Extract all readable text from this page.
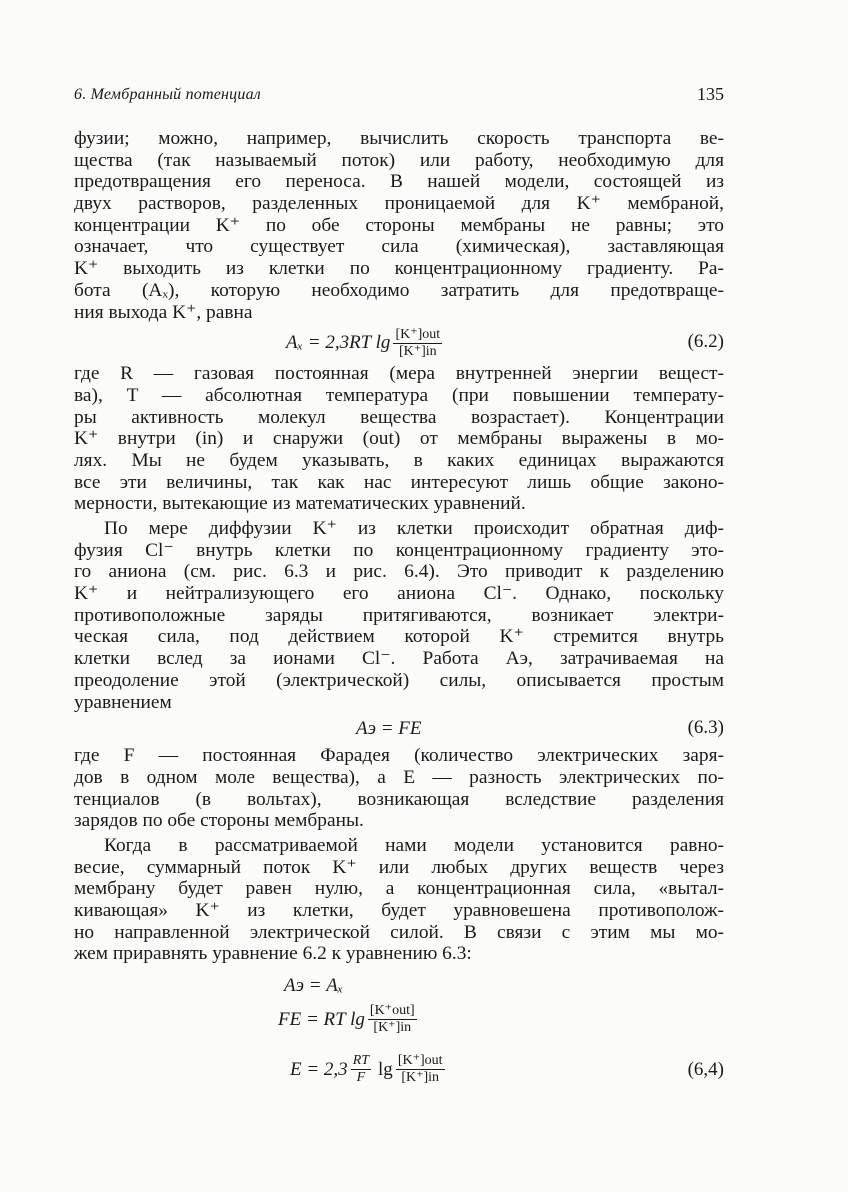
6. Мембранный потенциал	135
фузии; можно, например, вычислить скорость транспорта ве-
щества (так называемый поток) или работу, необходимую для
предотвращения его переноса. В нашей модели, состоящей из
двух растворов, разделенных проницаемой для K⁺ мембраной,
концентрации K⁺ по обе стороны мембраны не равны; это
означает, что существует сила (химическая), заставляющая
K⁺ выходить из клетки по концентрационному градиенту. Ра-
бота (Aₓ), которую необходимо затратить для предотвраще-
ния выхода K⁺, равна
Aₓ = 2,3RT $\lg \frac{\text{[K⁺]out}}{[K^+]in}$	(6.2)
где R — газовая постоянная (мера внутренней энергии вещест-
ва), T — абсолютная температура (при повышении температу-
ры активность молекул вещества возрастает). Концентрации
K⁺ внутри (in) и снаружи (out) от мембраны выражены в мо-
лях. Мы не будем указывать, в каких единицах выражаются
все эти величины, так как нас интересуют лишь общие законо-
мерности, вытекающие из математических уравнений.
По мере диффузии K⁺ из клетки происходит обратная диф-
фузия Cl⁻ внутрь клетки по концентрационному градиенту это-
го аниона (см. рис. 6.3 и рис. 6.4). Это приводит к разделению
K⁺ и нейтрализующего его аниона Cl⁻. Однако, поскольку
противоположные заряды притягиваются, возникает электри-
ческая сила, под действием которой K⁺ стремится внутрь
клетки вслед за ионами Cl⁻. Работа Aэ, затрачиваемая на
преодоление этой (электрической) силы, описывается простым
уравнением
Aэ = FE	(6.3)
где F — постоянная Фарадея (количество электрических заря-
дов в одном моле вещества), а E — разность электрических по-
тенциалов (в вольтах), возникающая вследствие разделения
зарядов по обе стороны мембраны.
Когда в рассматриваемой нами модели установится равно-
весие, суммарный поток K⁺ или любых других веществ через
мембрану будет равен нулю, а концентрационная сила, «вытал-
кивающая» K⁺ из клетки, будет уравновешена противополож-
но направленной электрической силой. В связи с этим мы мо-
жем приравнять уравнение 6.2 к уравнению 6.3:
Aэ = Aₓ
FE = RT $\lg \frac{\text{[K⁺out]}}{[K^+]in}$
$E = 2,3 \frac{RT}{F}$ $\lg \frac{\text{[K⁺]out}}{[K^+]in}$	(6,4)
